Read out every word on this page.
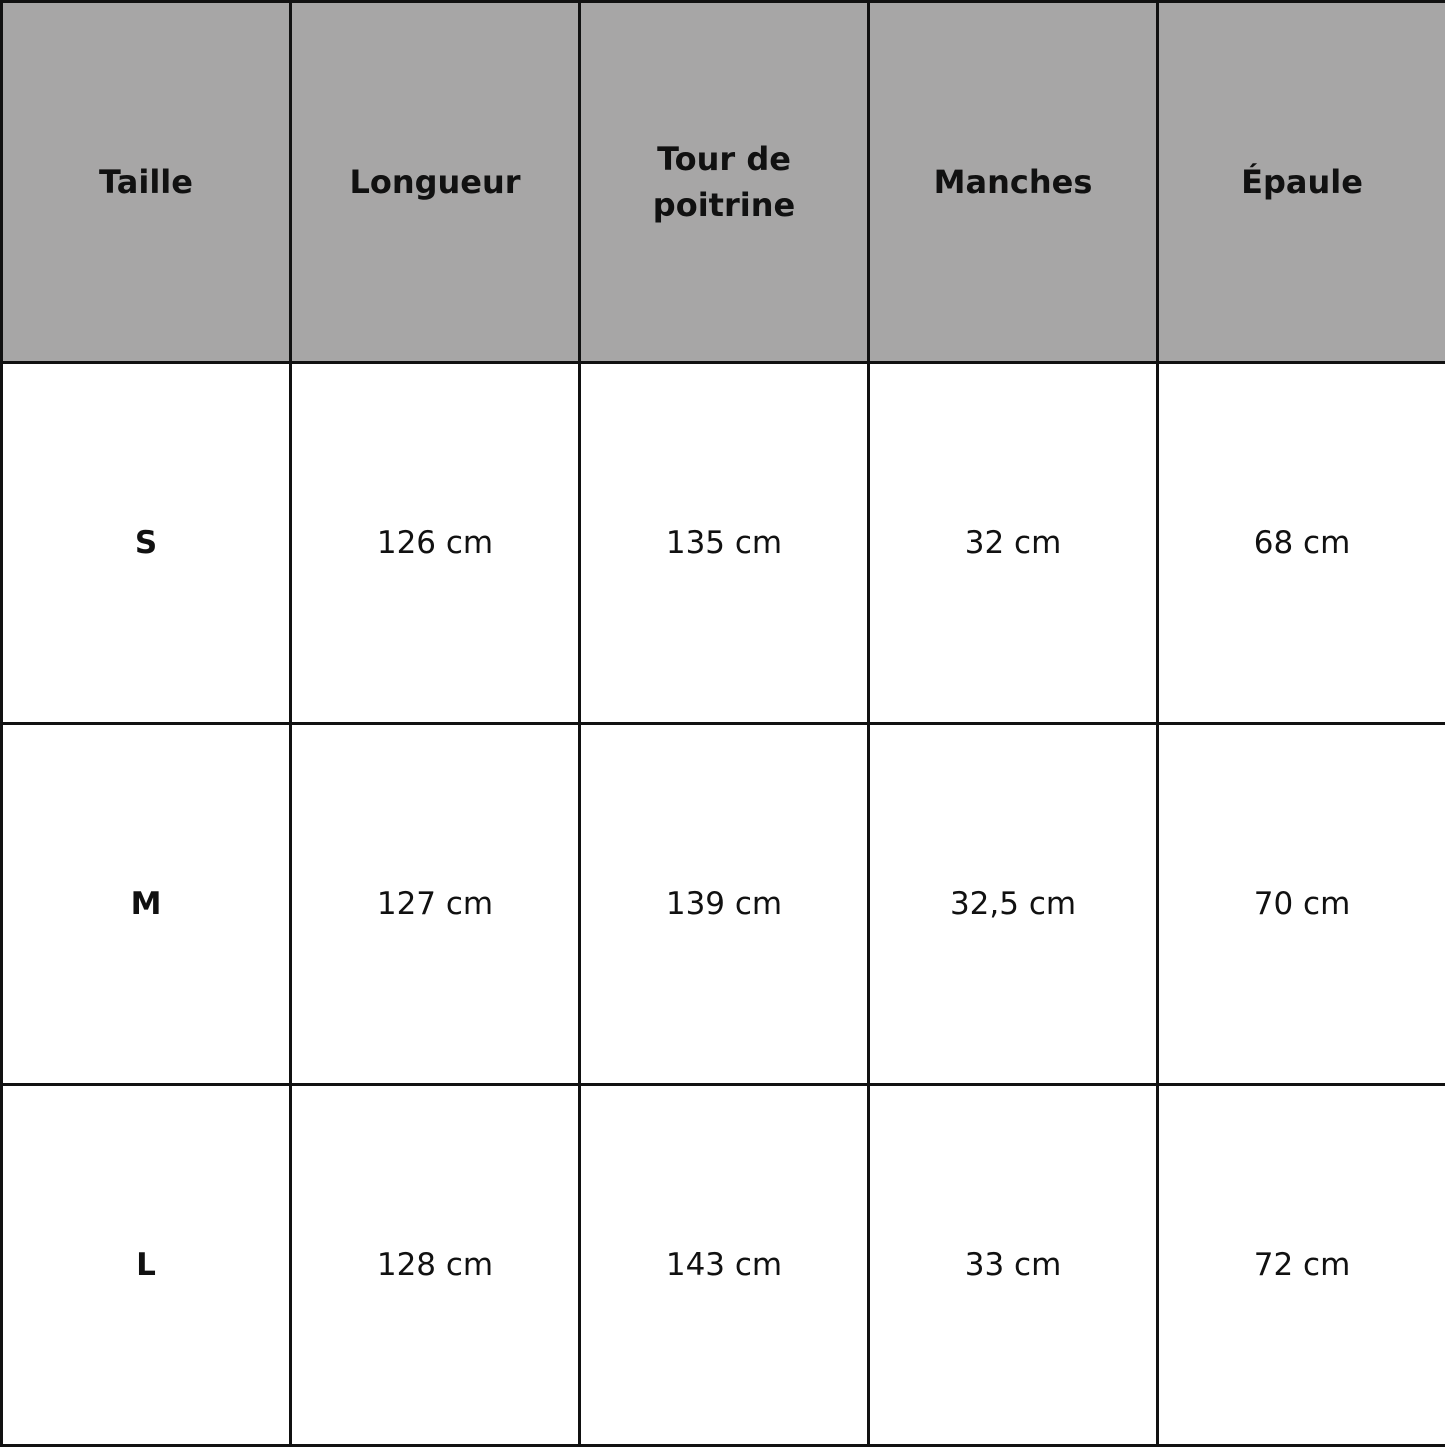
Taille	Longueur	Tour de poitrine	Manches	Épaule
S	126 cm	135 cm	32 cm	68 cm
M	127 cm	139 cm	32,5 cm	70 cm
L	128 cm	143 cm	33 cm	72 cm
